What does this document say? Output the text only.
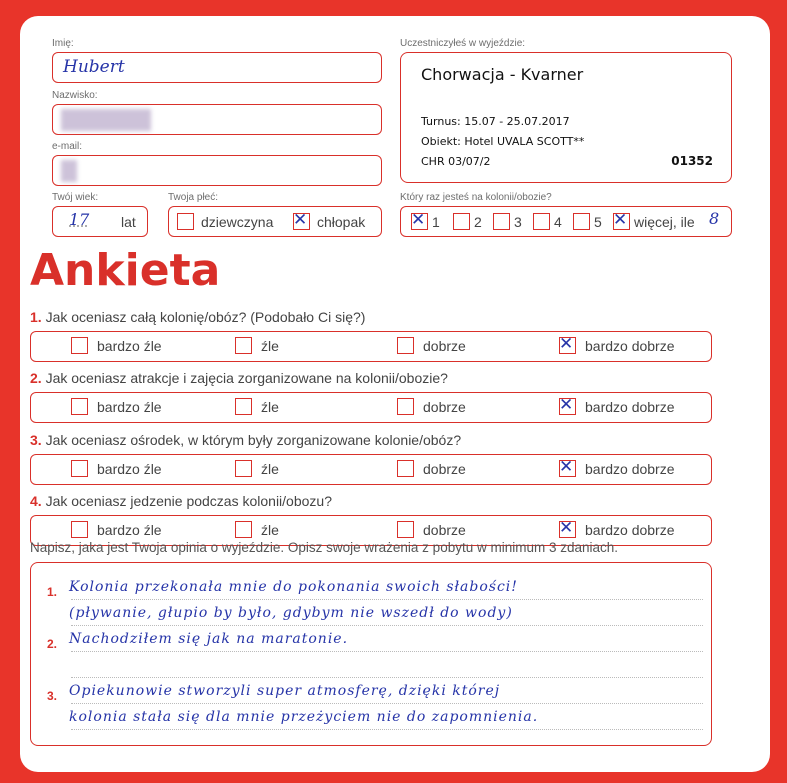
Imię:
Hubert
Nazwisko:
e-mail:
Twój wiek:
17 lat
Twoja płeć:
dziewczyna ✕	chłopak
Uczestniczyłeś w wyjeździe:
Chorwacja - Kvarner
Turnus: 15.07 - 25.07.2017
Obiekt: Hotel UVALA SCOTT**
CHR 03/07/2	01352
Który raz jesteś na kolonii/obozie?
✕
1 2 3 4 5 ✕ więcej, ile 8
Ankieta
1. Jak oceniasz całą kolonię/obóz? (Podobało Ci się?)
bardzo źle	źle	dobrze ✕	bardzo dobrze
2. Jak oceniasz atrakcje i zajęcia zorganizowane na kolonii/obozie?
bardzo źle	źle	dobrze ✕	bardzo dobrze
3. Jak oceniasz ośrodek, w którym były zorganizowane kolonie/obóz?
bardzo źle	źle	dobrze ✕	bardzo dobrze
4. Jak oceniasz jedzenie podczas kolonii/obozu?
bardzo źle	źle	dobrze ✕	bardzo dobrze
Napisz, jaka jest Twoja opinia o wyjeździe. Opisz swoje wrażenia z pobytu w minimum 3 zdaniach.
1.
2.
3.
Kolonia przekonała mnie do pokonania swoich słabości!
(pływanie, głupio by było, gdybym nie wszedł do wody)
Nachodziłem się jak na maratonie.
Opiekunowie stworzyli super atmosferę, dzięki której
kolonia stała się dla mnie przeżyciem nie do zapomnienia.
